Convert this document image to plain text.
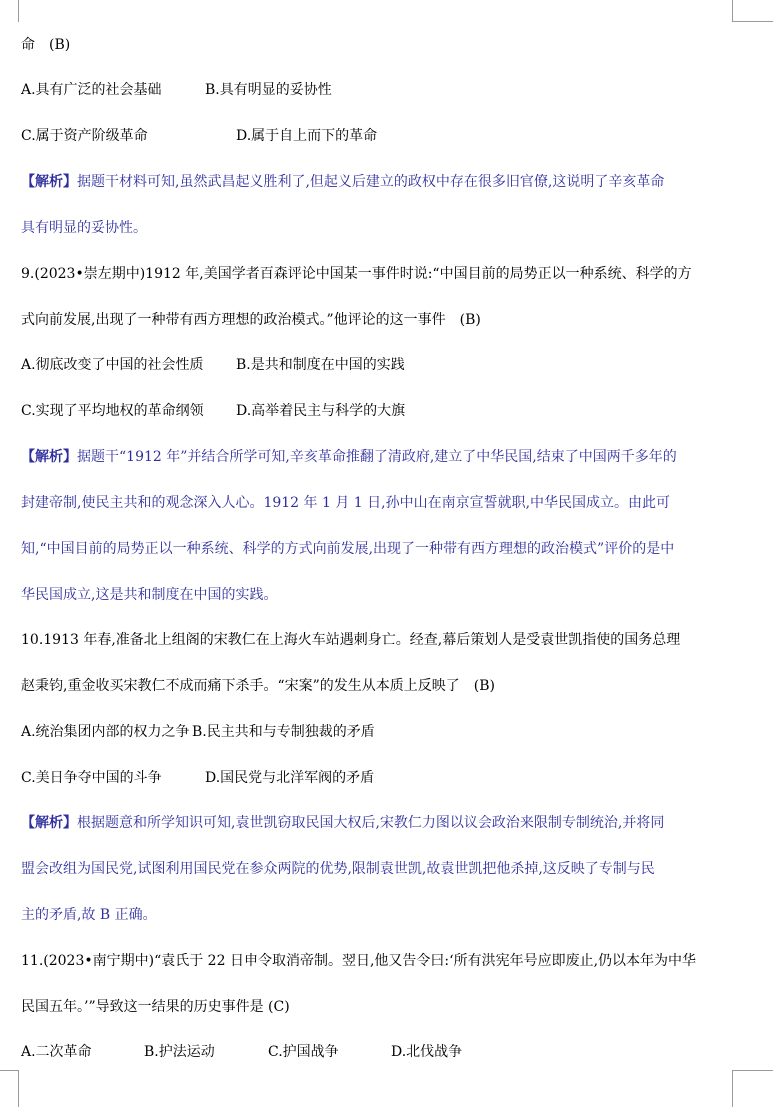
命　(B)
A.具有广泛的社会基础	B.具有明显的妥协性
C.属于资产阶级革命	D.属于自上而下的革命
【解析】据题干材料可知,虽然武昌起义胜利了,但起义后建立的政权中存在很多旧官僚,这说明了辛亥革命
具有明显的妥协性。
9.(2023•崇左期中)1912 年,美国学者百森评论中国某一事件时说:“中国目前的局势正以一种系统、科学的方
式向前发展,出现了一种带有西方理想的政治模式。”他评论的这一事件　(B)
A.彻底改变了中国的社会性质 B.是共和制度在中国的实践
C.实现了平均地权的革命纲领 D.高举着民主与科学的大旗
【解析】据题干“1912 年”并结合所学可知,辛亥革命推翻了清政府,建立了中华民国,结束了中国两千多年的
封建帝制,使民主共和的观念深入人心。1912 年 1 月 1 日,孙中山在南京宣誓就职,中华民国成立。由此可
知,“中国目前的局势正以一种系统、科学的方式向前发展,出现了一种带有西方理想的政治模式”评价的是中
华民国成立,这是共和制度在中国的实践。
10.1913 年春,准备北上组阁的宋教仁在上海火车站遇刺身亡。经查,幕后策划人是受袁世凯指使的国务总理
赵秉钧,重金收买宋教仁不成而痛下杀手。“宋案”的发生从本质上反映了　(B)
A.统治集团内部的权力之争 B.民主共和与专制独裁的矛盾
C.美日争夺中国的斗争	D.国民党与北洋军阀的矛盾
【解析】根据题意和所学知识可知,袁世凯窃取民国大权后,宋教仁力图以议会政治来限制专制统治,并将同
盟会改组为国民党,试图利用国民党在参众两院的优势,限制袁世凯,故袁世凯把他杀掉,这反映了专制与民
主的矛盾,故 B 正确。
11.(2023•南宁期中)“袁氏于 22 日申令取消帝制。翌日,他又告令曰:‘所有洪宪年号应即废止,仍以本年为中华
民国五年。’”导致这一结果的历史事件是 (C)
A.二次革命	B.护法运动	C.护国战争	D.北伐战争
